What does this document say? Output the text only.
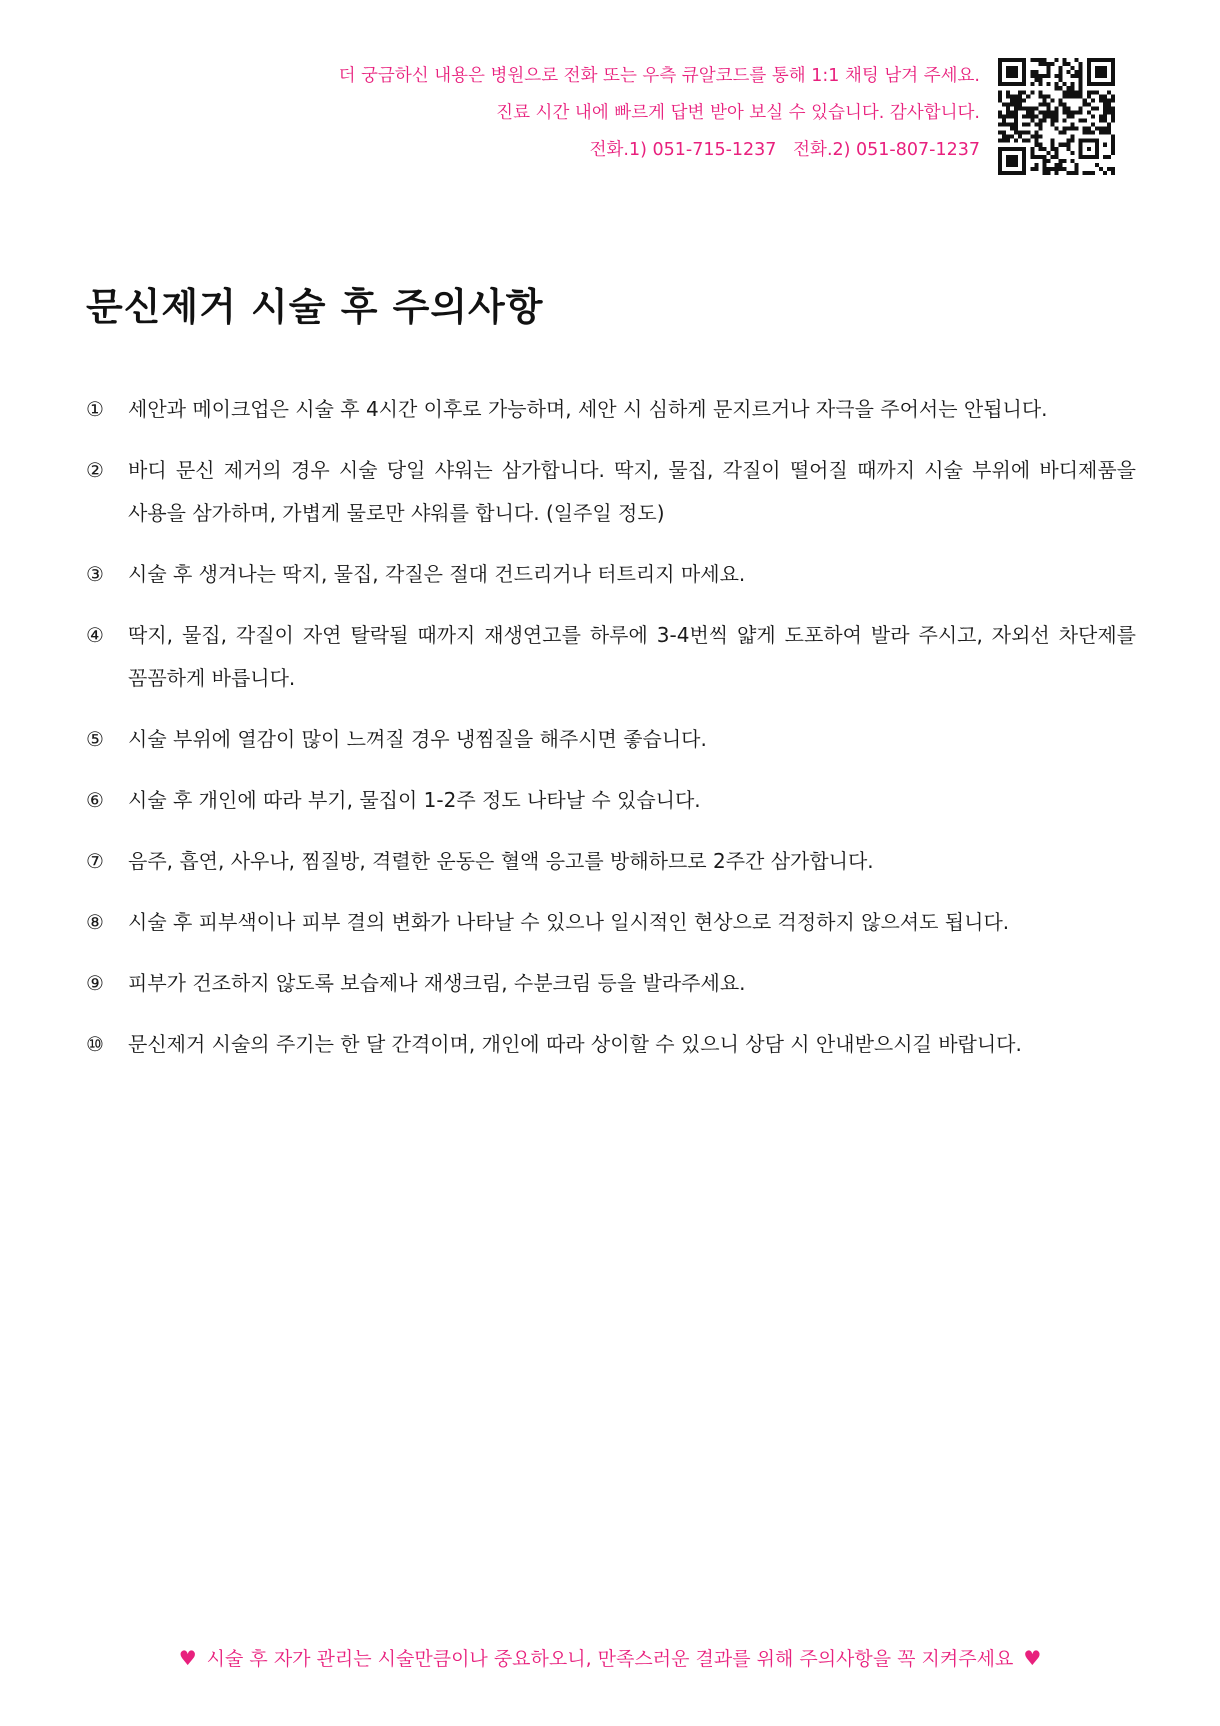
더 궁금하신 내용은 병원으로 전화 또는 우측 큐알코드를 통해 1:1 채팅 남겨 주세요.
진료 시간 내에 빠르게 답변 받아 보실 수 있습니다. 감사합니다.
전화.1) 051-715-1237   전화.2) 051-807-1237
문신제거 시술 후 주의사항
①	세안과 메이크업은 시술 후 4시간 이후로 가능하며, 세안 시 심하게 문지르거나 자극을 주어서는 안됩니다.
②	바디 문신 제거의 경우 시술 당일 샤워는 삼가합니다. 딱지, 물집, 각질이 떨어질 때까지 시술 부위에 바디제품을 사용을 삼가하며, 가볍게 물로만 샤워를 합니다. (일주일 정도)
③	시술 후 생겨나는 딱지, 물집, 각질은 절대 건드리거나 터트리지 마세요.
④	딱지, 물집, 각질이 자연 탈락될 때까지 재생연고를 하루에 3-4번씩 얇게 도포하여 발라 주시고, 자외선 차단제를 꼼꼼하게 바릅니다.
⑤	시술 부위에 열감이 많이 느껴질 경우 냉찜질을 해주시면 좋습니다.
⑥	시술 후 개인에 따라 부기, 물집이 1-2주 정도 나타날 수 있습니다.
⑦	음주, 흡연, 사우나, 찜질방, 격렬한 운동은 혈액 응고를 방해하므로 2주간 삼가합니다.
⑧	시술 후 피부색이나 피부 결의 변화가 나타날 수 있으나 일시적인 현상으로 걱정하지 않으셔도 됩니다.
⑨	피부가 건조하지 않도록 보습제나 재생크림, 수분크림 등을 발라주세요.
⑩	문신제거 시술의 주기는 한 달 간격이며, 개인에 따라 상이할 수 있으니 상담 시 안내받으시길 바랍니다.
♥ 시술 후 자가 관리는 시술만큼이나 중요하오니, 만족스러운 결과를 위해 주의사항을 꼭 지켜주세요 ♥
